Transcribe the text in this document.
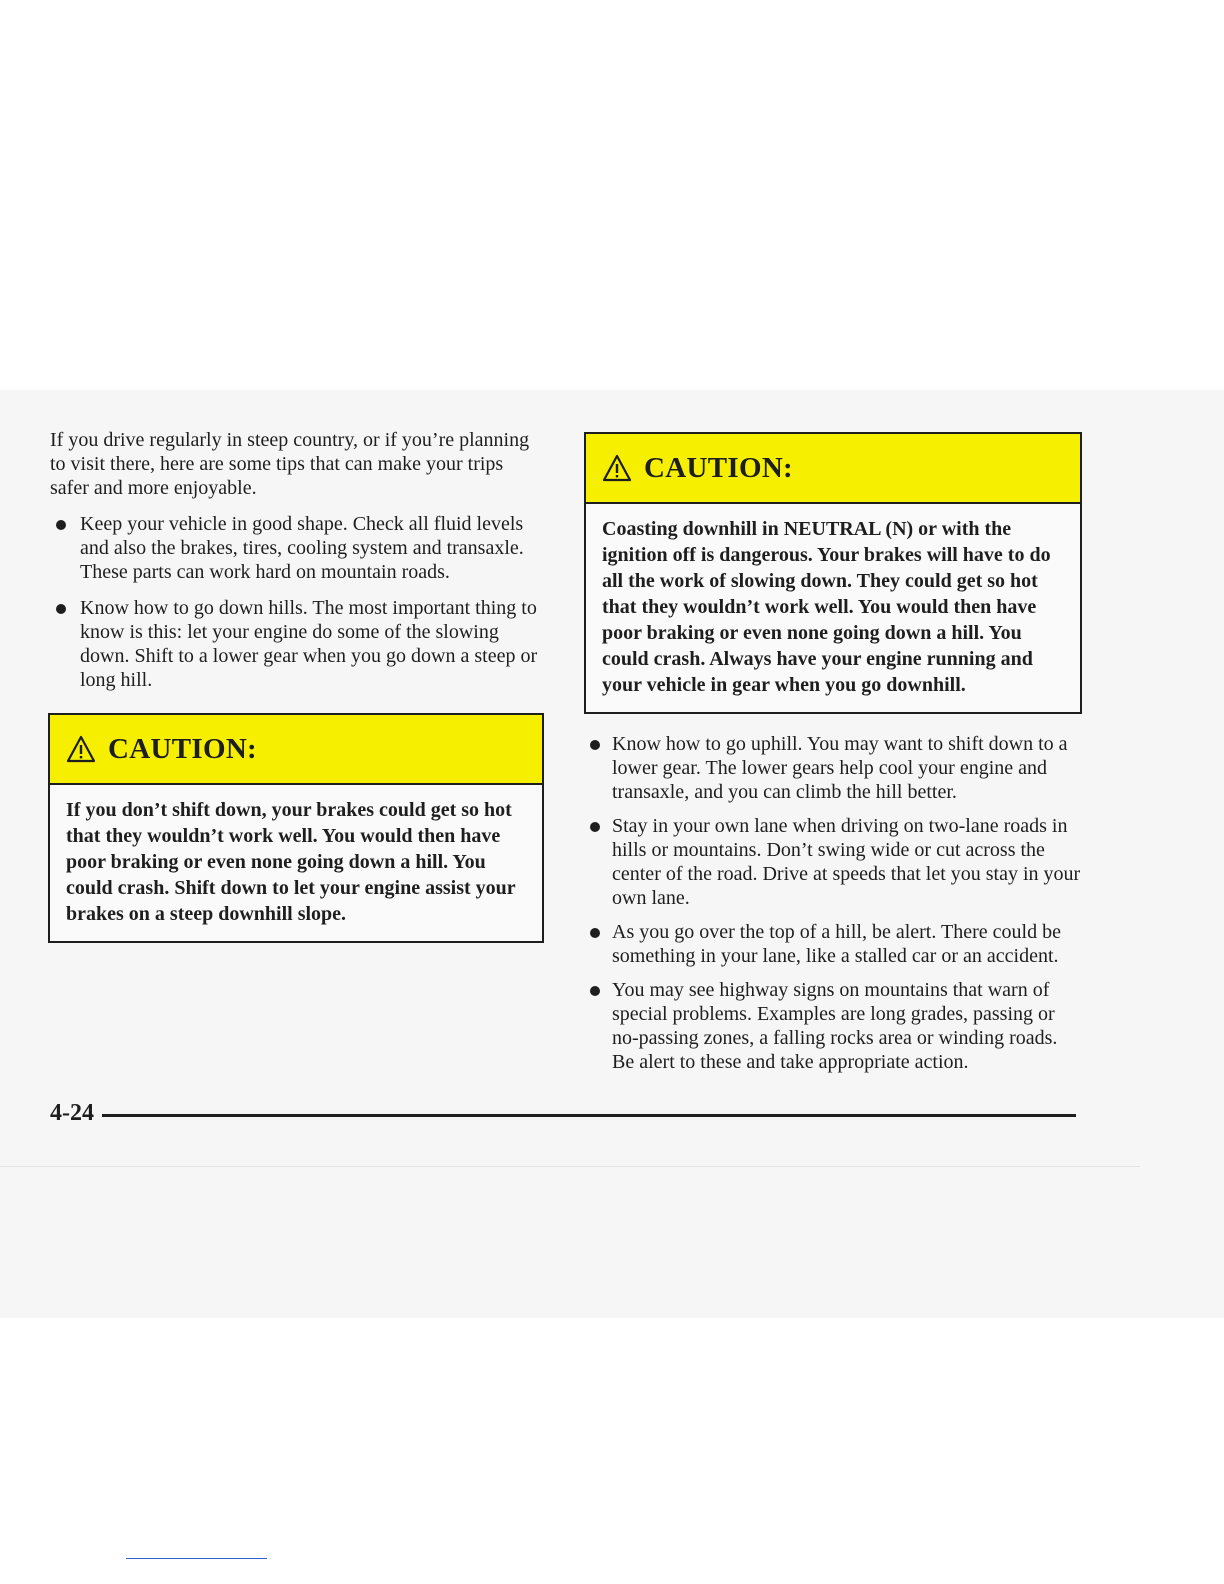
If you drive regularly in steep country, or if you’re planning to visit there, here are some tips that can make your trips safer and more enjoyable.

Keep your vehicle in good shape. Check all fluid levels and also the brakes, tires, cooling system and transaxle. These parts can work hard on mountain roads.
Know how to go down hills. The most important thing to know is this: let your engine do some of the slowing down. Shift to a lower gear when you go down a steep or long hill.
CAUTION:
If you don’t shift down, your brakes could get so hot that they wouldn’t work well. You would then have poor braking or even none going down a hill. You could crash. Shift down to let your engine assist your brakes on a steep downhill slope.
CAUTION:
Coasting downhill in NEUTRAL (N) or with the ignition off is dangerous. Your brakes will have to do all the work of slowing down. They could get so hot that they wouldn’t work well. You would then have poor braking or even none going down a hill. You could crash. Always have your engine running and your vehicle in gear when you go downhill.
Know how to go uphill. You may want to shift down to a lower gear. The lower gears help cool your engine and transaxle, and you can climb the hill better.
Stay in your own lane when driving on two-lane roads in hills or mountains. Don’t swing wide or cut across the center of the road. Drive at speeds that let you stay in your own lane.
As you go over the top of a hill, be alert. There could be something in your lane, like a stalled car or an accident.
You may see highway signs on mountains that warn of special problems. Examples are long grades, passing or no-passing zones, a falling rocks area or winding roads. Be alert to these and take appropriate action.
4-24
